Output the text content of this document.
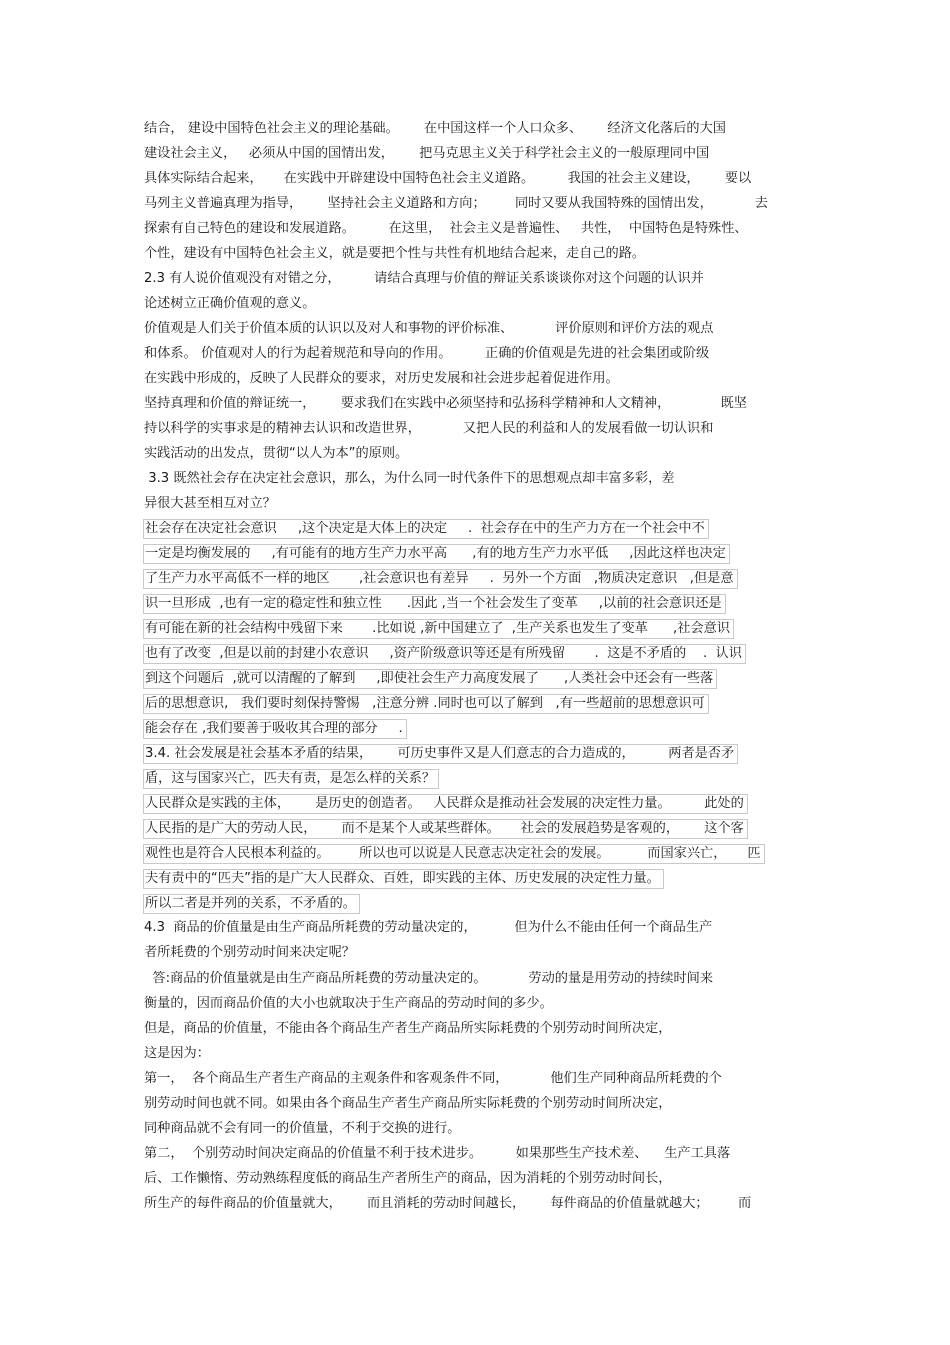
结合， 建设中国特色社会主义的理论基础。      在中国这样一个人口众多、      经济文化落后的大国
建设社会主义，   必须从中国的国情出发，      把马克思主义关于科学社会主义的一般原理同中国
具体实际结合起来，     在实践中开辟建设中国特色社会主义道路。        我国的社会主义建设，      要以
马列主义普遍真理为指导，      坚持社会主义道路和方向；       同时又要从我国特殊的国情出发，          去
探索有自己特色的建设和发展道路。        在这里，  社会主义是普遍性、   共性，  中国特色是特殊性、
个性，建设有中国特色社会主义，就是要把个性与共性有机地结合起来，走自己的路。
2.3 有人说价值观没有对错之分，        请结合真理与价值的辩证关系谈谈你对这个问题的认识并
论述树立正确价值观的意义。
价值观是人们关于价值本质的认识以及对人和事物的评价标准、          评价原则和评价方法的观点
和体系。 价值观对人的行为起着规范和导向的作用。        正确的价值观是先进的社会集团或阶级
在实践中形成的，反映了人民群众的要求，对历史发展和社会进步起着促进作用。
坚持真理和价值的辩证统一，      要求我们在实践中必须坚持和弘扬科学精神和人文精神，            既坚
持以科学的实事求是的精神去认识和改造世界，          又把人民的利益和人的发展看做一切认识和
实践活动的出发点，贯彻“以人为本”的原则。
3.3 既然社会存在决定社会意识，那么，为什么同一时代条件下的思想观点却丰富多彩，差
异很大甚至相互对立？
社会存在决定社会意识     ,这个决定是大体上的决定     .  社会存在中的生产力方在一个社会中不
一定是均衡发展的     ,有可能有的地方生产力水平高      ,有的地方生产力水平低     ,因此这样也决定
了生产力水平高低不一样的地区       ,社会意识也有差异     .  另外一个方面   ,物质决定意识   ,但是意
识一旦形成  ,也有一定的稳定性和独立性      .因此 ,当一个社会发生了变革     ,以前的社会意识还是
有可能在新的社会结构中残留下来       .比如说 ,新中国建立了  ,生产关系也发生了变革      ,社会意识
也有了改变  ,但是以前的封建小农意识     ,资产阶级意识等还是有所残留       .  这是不矛盾的    .  认识
到这个问题后  ,就可以清醒的了解到     ,即使社会生产力高度发展了      ,人类社会中还会有一些落
后的思想意识,   我们要时刻保持警惕   ,注意分辨 .同时也可以了解到   ,有一些超前的思想意识可
能会存在 ,我们要善于吸收其合理的部分     .
3.4. 社会发展是社会基本矛盾的结果，      可历史事件又是人们意志的合力造成的，        两者是否矛
盾，这与国家兴亡，匹夫有责，是怎么样的关系？
人民群众是实践的主体，      是历史的创造者。   人民群众是推动社会发展的决定性力量。        此处的
人民指的是广大的劳动人民，      而不是某个人或某些群体。     社会的发展趋势是客观的，      这个客
观性也是符合人民根本利益的。       所以也可以说是人民意志决定社会的发展。         而国家兴亡，     匹
夫有责中的“匹夫”指的是广大人民群众、百姓，即实践的主体、历史发展的决定性力量。
所以二者是并列的关系，不矛盾的。
4.3  商品的价值量是由生产商品所耗费的劳动量决定的，         但为什么不能由任何一个商品生产
者所耗费的个别劳动时间来决定呢？
答:商品的价值量就是由生产商品所耗费的劳动量决定的。          劳动的量是用劳动的持续时间来
衡量的，因而商品价值的大小也就取决于生产商品的劳动时间的多少。
但是，商品的价值量，不能由各个商品生产者生产商品所实际耗费的个别劳动时间所决定，
这是因为：
第一，  各个商品生产者生产商品的主观条件和客观条件不同，          他们生产同种商品所耗费的个
别劳动时间也就不同。如果由各个商品生产者生产商品所实际耗费的个别劳动时间所决定，
同种商品就不会有同一的价值量，不利于交换的进行。
第二，  个别劳动时间决定商品的价值量不利于技术进步。        如果那些生产技术差、    生产工具落
后、工作懒惰、劳动熟练程度低的商品生产者所生产的商品，因为消耗的个别劳动时间长，
所生产的每件商品的价值量就大，      而且消耗的劳动时间越长，      每件商品的价值量就越大；       而
